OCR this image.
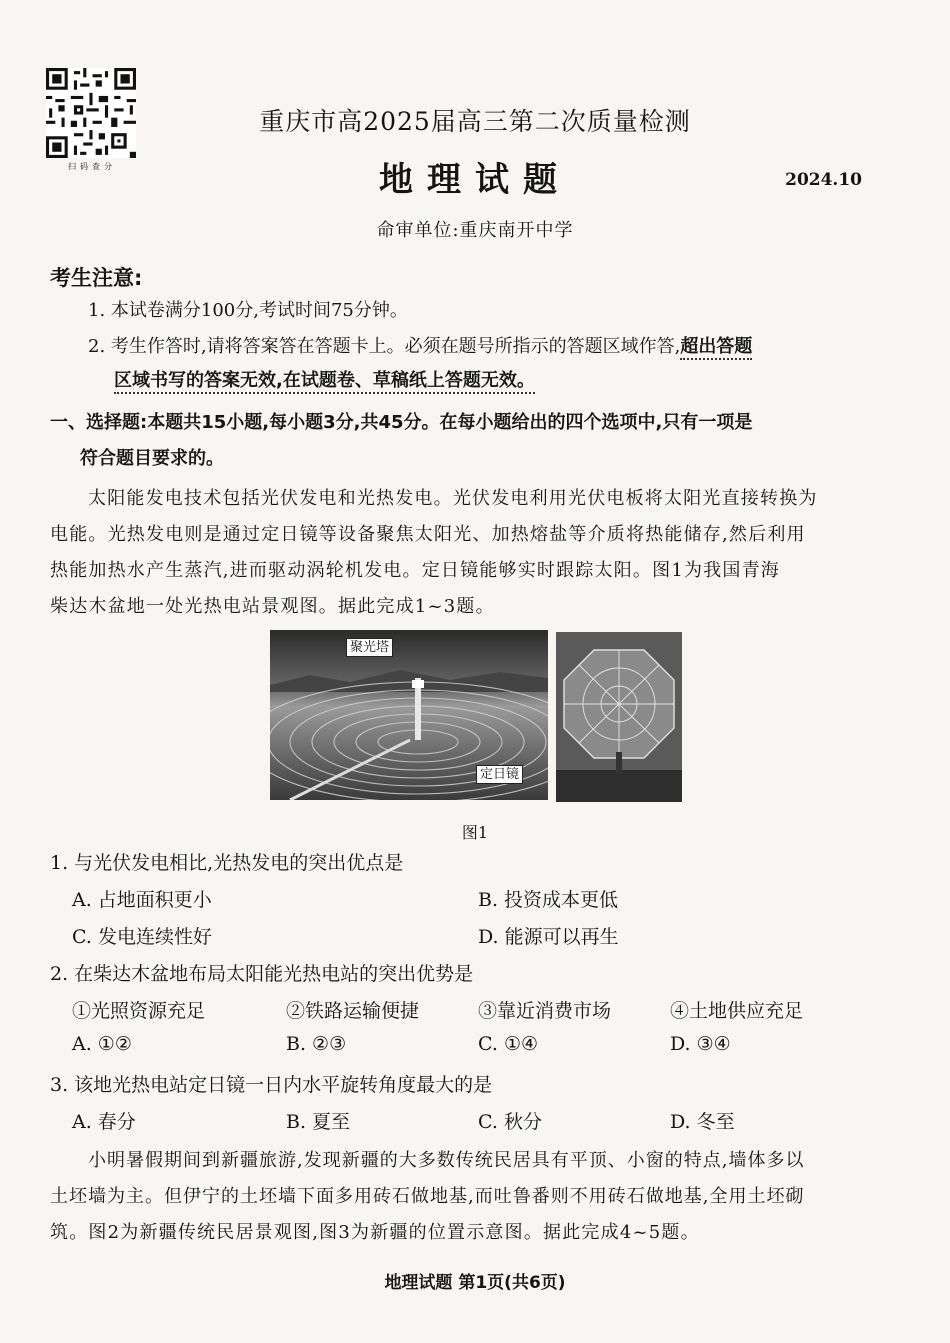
扫码查分
重庆市高2025届高三第二次质量检测
地理试题	2024.10
命审单位:重庆南开中学
考生注意:
1. 本试卷满分100分,考试时间75分钟。
2. 考生作答时,请将答案答在答题卡上。必须在题号所指示的答题区域作答,超出答题
区域书写的答案无效,在试题卷、草稿纸上答题无效。
一、选择题:本题共15小题,每小题3分,共45分。在每小题给出的四个选项中,只有一项是
符合题目要求的。
太阳能发电技术包括光伏发电和光热发电。光伏发电利用光伏电板将太阳光直接转换为
电能。光热发电则是通过定日镜等设备聚焦太阳光、加热熔盐等介质将热能储存,然后利用
热能加热水产生蒸汽,进而驱动涡轮机发电。定日镜能够实时跟踪太阳。图1为我国青海
柴达木盆地一处光热电站景观图。据此完成1~3题。
聚光塔
定日镜
图1
1. 与光伏发电相比,光热发电的突出优点是
A. 占地面积更小	B. 投资成本更低
C. 发电连续性好	D. 能源可以再生
2. 在柴达木盆地布局太阳能光热电站的突出优势是
①光照资源充足	②铁路运输便捷	③靠近消费市场	④土地供应充足
A. ①②	B. ②③	C. ①④	D. ③④
3. 该地光热电站定日镜一日内水平旋转角度最大的是
A. 春分	B. 夏至	C. 秋分	D. 冬至
小明暑假期间到新疆旅游,发现新疆的大多数传统民居具有平顶、小窗的特点,墙体多以
土坯墙为主。但伊宁的土坯墙下面多用砖石做地基,而吐鲁番则不用砖石做地基,全用土坯砌
筑。图2为新疆传统民居景观图,图3为新疆的位置示意图。据此完成4~5题。
地理试题 第1页(共6页)
